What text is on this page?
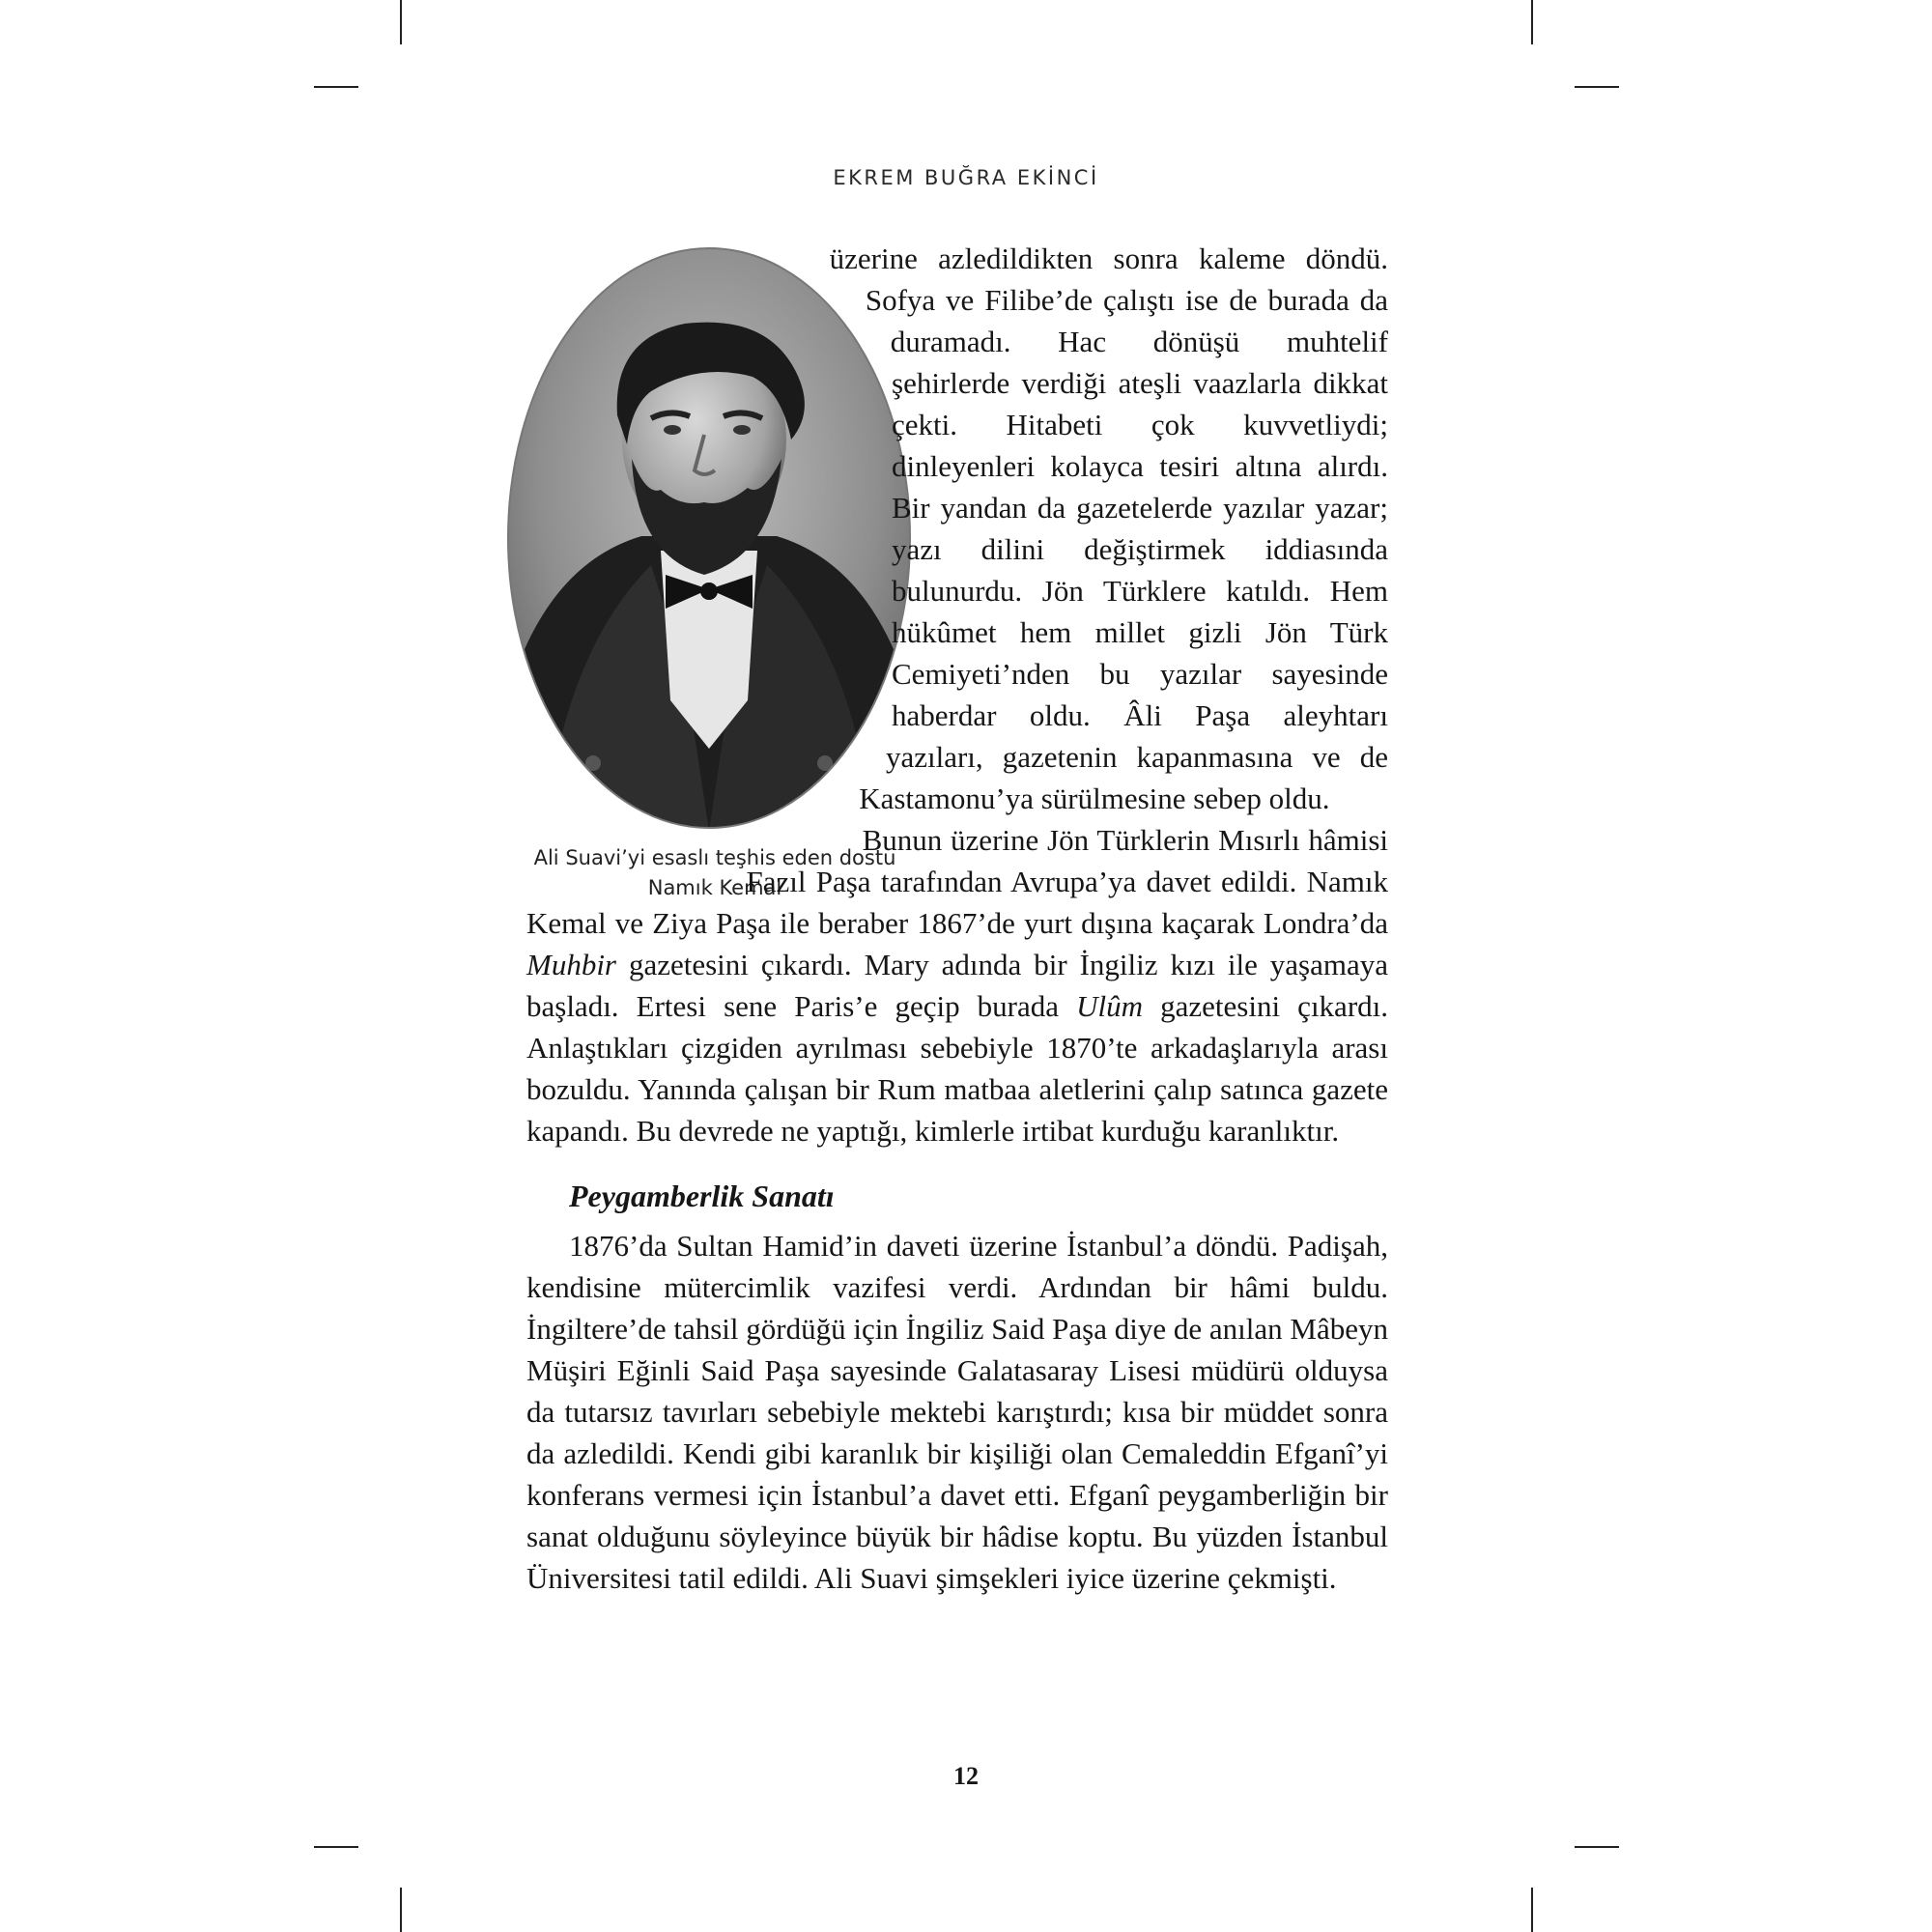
EKREM BUĞRA EKİNCİ
Ali Suavi’yi esaslı teşhis eden dostu
Namık Kemal

üzerine azledildikten sonra kaleme döndü. Sofya ve Filibe’de çalıştı ise de burada da duramadı. Hac dönüşü muhtelif şehirlerde verdiği ateşli vaazlarla dikkat çekti. Hitabeti çok kuvvetliydi; dinleyenleri kolayca tesiri altına alırdı. Bir yandan da gazetelerde yazılar yazar; yazı dilini değiştirmek iddiasında bulunurdu. Jön Türklere katıldı. Hem hükûmet hem millet gizli Jön Türk Cemiyeti’nden bu yazılar sayesinde haberdar oldu. Âli Paşa aleyhtarı yazıları, gazetenin kapanmasına ve de Kastamonu’ya sürülmesine sebep oldu.

Bunun üzerine Jön Türklerin Mısırlı hâmisi Fazıl Paşa tarafından Avrupa’ya davet edildi. Namık Kemal ve Ziya Paşa ile beraber 1867’de yurt dışına kaçarak Londra’da Muhbir gazetesini çıkardı. Mary adında bir İngiliz kızı ile yaşamaya başladı. Ertesi sene Paris’e geçip burada Ulûm gazetesini çıkardı. Anlaştıkları çizgiden ayrılması sebebiyle 1870’te arkadaşlarıyla arası bozuldu. Yanında çalışan bir Rum matbaa aletlerini çalıp satınca gazete kapandı. Bu devrede ne yaptığı, kimlerle irtibat kurduğu karanlıktır.

Peygamberlik Sanatı

1876’da Sultan Hamid’in daveti üzerine İstanbul’a döndü. Padişah, kendisine mütercimlik vazifesi verdi. Ardından bir hâmi buldu. İngiltere’de tahsil gördüğü için İngiliz Said Paşa diye de anılan Mâbeyn Müşiri Eğinli Said Paşa sayesinde Galatasaray Lisesi müdürü olduysa da tutarsız tavırları sebebiyle mektebi karıştırdı; kısa bir müddet sonra da azledildi. Kendi gibi karanlık bir kişiliği olan Cemaleddin Efganî’yi konferans vermesi için İstanbul’a davet etti. Efganî peygamberliğin bir sanat olduğunu söyleyince büyük bir hâdise koptu. Bu yüzden İstanbul Üniversitesi tatil edildi. Ali Suavi şimşekleri iyice üzerine çekmişti.

12
